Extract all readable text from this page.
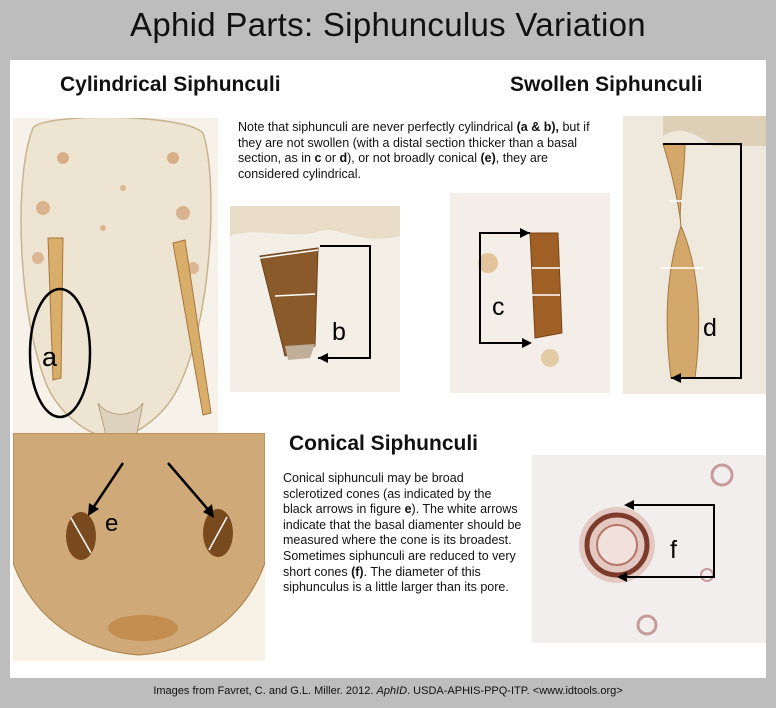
Aphid Parts: Siphunculus Variation
Cylindrical Siphunculi	Swollen Siphunculi
Conical Siphunculi
Note that siphunculi are never perfectly cylindrical (a & b), but if they are not swollen (with a distal section thicker than a basal section, as in c or d), or not broadly conical (e), they are considered cylindrical.
Conical siphunculi may be broad sclerotized cones (as indicated by the black arrows in figure e). The white arrows indicate that the basal diamenter should be measured where the cone is its broadest. Sometimes siphunculi are reduced to very short cones (f). The diameter of this siphunculus is a little larger than its pore.
a
b
c
d
e
f
Images from Favret, C. and G.L. Miller. 2012. AphID. USDA-APHIS-PPQ-ITP. <www.idtools.org>
